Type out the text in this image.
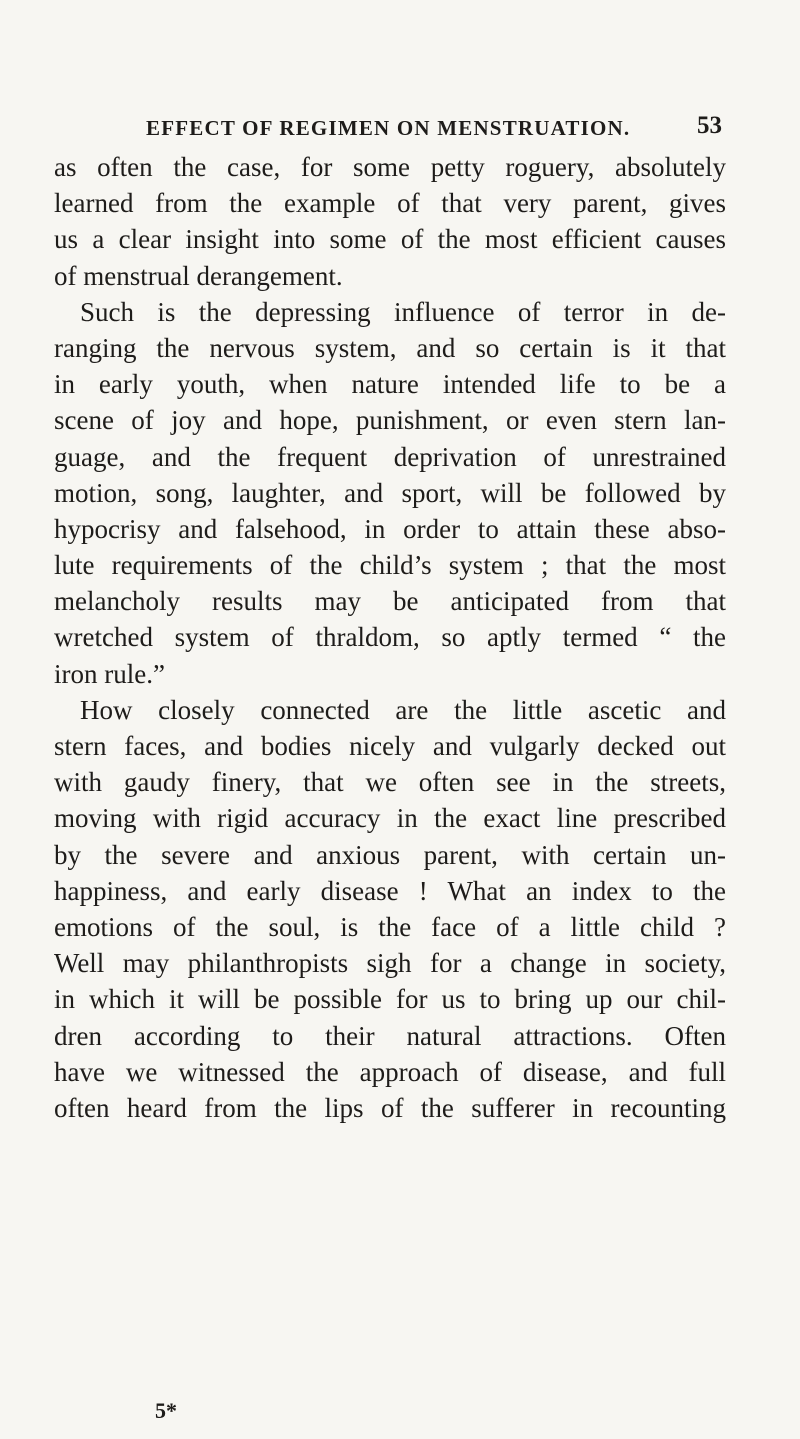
EFFECT OF REGIMEN ON MENSTRUATION.	53
as often the case, for some petty roguery, absolutely
learned from the example of that very parent, gives
us a clear insight into some of the most efficient causes
of menstrual derangement.
Such is the depressing influence of terror in de-
ranging the nervous system, and so certain is it that
in early youth, when nature intended life to be a
scene of joy and hope, punishment, or even stern lan-
guage, and the frequent deprivation of unrestrained
motion, song, laughter, and sport, will be followed by
hypocrisy and falsehood, in order to attain these abso-
lute requirements of the child’s system ; that the most
melancholy results may be anticipated from that
wretched system of thraldom, so aptly termed “ the
iron rule.”
How closely connected are the little ascetic and
stern faces, and bodies nicely and vulgarly decked out
with gaudy finery, that we often see in the streets,
moving with rigid accuracy in the exact line prescribed
by the severe and anxious parent, with certain un-
happiness, and early disease ! What an index to the
emotions of the soul, is the face of a little child ?
Well may philanthropists sigh for a change in society,
in which it will be possible for us to bring up our chil-
dren according to their natural attractions. Often
have we witnessed the approach of disease, and full
often heard from the lips of the sufferer in recounting
5*
